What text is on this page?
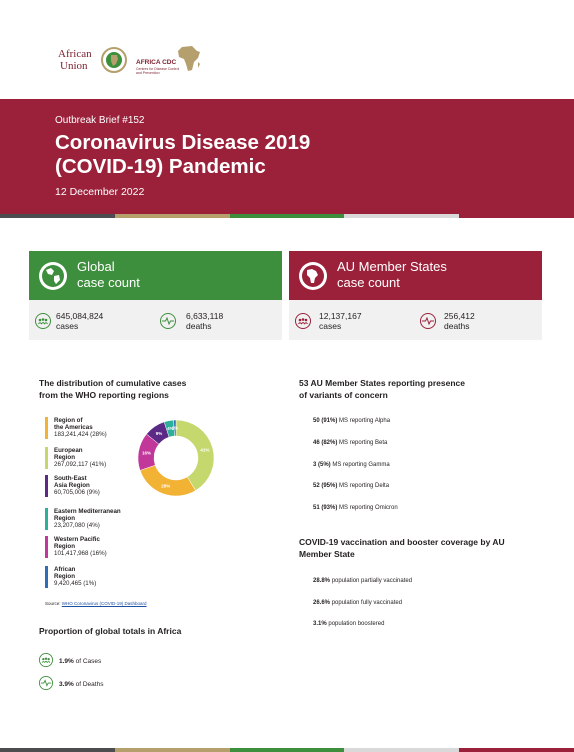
African
Union	AFRICA CDC
Centres for Disease Control and Prevention
Outbreak Brief #152
Coronavirus Disease 2019
(COVID-19) Pandemic
12 December 2022
Global
case count
645,084,824
cases
6,633,118
deaths
AU Member States
case count
12,137,167
cases
256,412
deaths
The distribution of cumulative cases
from the WHO reporting regions
Region of
the Americas
183,241,424 (28%)
European
Region
267,092,117 (41%)
South-East
Asia Region
60,705,006 (9%)
Eastern Mediterranean
Region
23,207,080 (4%)
Western Pacific
Region
101,417,968 (16%)
African
Region
9,420,465 (1%)
41%
28%
16%
9%
4%
1%
Source: WHO Coronavirus (COVID-19) Dashboard
Proportion of global totals in Africa
1.9% of Cases
3.9% of Deaths
53 AU Member States reporting presence
of variants of concern
50 (91%) MS reporting Alpha
46 (82%) MS reporting Beta
3 (5%) MS reporting Gamma
52 (95%) MS reporting Delta
51 (93%) MS reporting Omicron
COVID-19 vaccination and booster coverage by AU
Member State
28.8% population partially vaccinated
26.6% population fully vaccinated
3.1% population boostered
